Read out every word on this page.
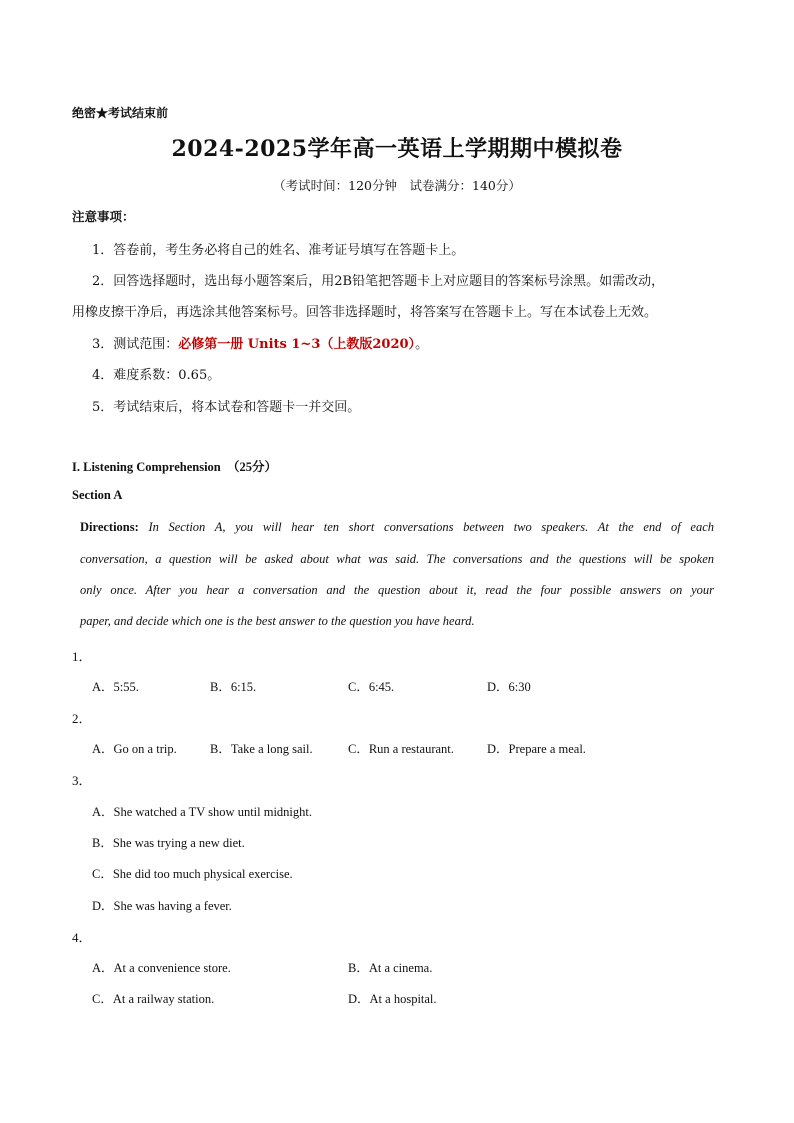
绝密★考试结束前
2024-2025学年高一英语上学期期中模拟卷
（考试时间：120分钟　试卷满分：140分）
注意事项：
1．答卷前，考生务必将自己的姓名、准考证号填写在答题卡上。
2．回答选择题时，选出每小题答案后，用2B铅笔把答题卡上对应题目的答案标号涂黑。如需改动，
用橡皮擦干净后，再选涂其他答案标号。回答非选择题时，将答案写在答题卡上。写在本试卷上无效。
3．测试范围：必修第一册 Units 1~3（上教版2020）。
4．难度系数：0.65。
5．考试结束后，将本试卷和答题卡一并交回。
I. Listening Comprehension　（25分）
Section A
Directions: In Section A, you will hear ten short conversations between two speakers. At the end of each
conversation, a question will be asked about what was said. The conversations and the questions will be spoken
only once. After you hear a conversation and the question about it, read the four possible answers on your
paper, and decide which one is the best answer to the question you have heard.
1．
A．5:55.	B．6:15.	C．6:45.	D．6:30
2．
A．Go on a trip.	B．Take a long sail.	C．Run a restaurant.	D．Prepare a meal.
3．
A．She watched a TV show until midnight.
B．She was trying a new diet.
C．She did too much physical exercise.
D．She was having a fever.
4．
A．At a convenience store.	B．At a cinema.
C．At a railway station.	D．At a hospital.
